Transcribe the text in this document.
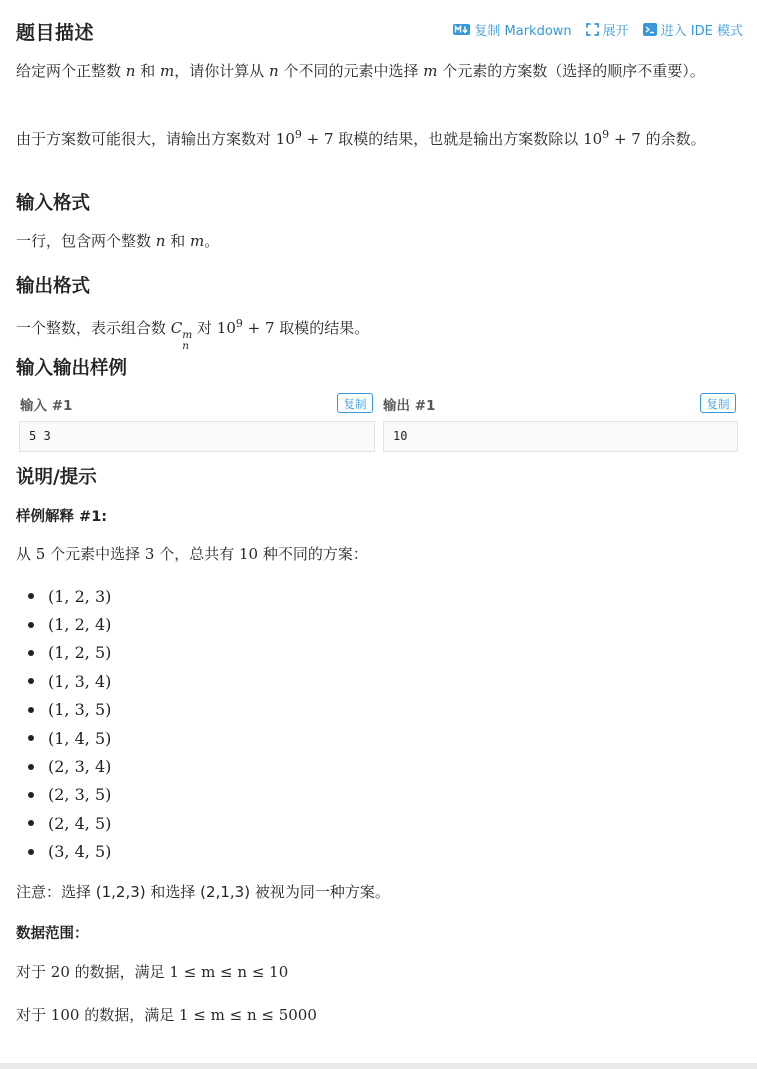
题目描述	复制 Markdown 展开 进入 IDE 模式
给定两个正整数 n 和 m，请你计算从 n 个不同的元素中选择 m 个元素的方案数（选择的顺序不重要）。
由于方案数可能很大，请输出方案数对 $10^9 + 7$ 取模的结果，也就是输出方案数除以 $10^9 + 7$ 的余数。
输入格式
一行，包含两个整数 n 和 m。
输出格式
一个整数，表示组合数 C m
n
对 $10^9 + 7$ 取模的结果。
输入输出样例
输入 #1	复制
5 3
输出 #1	复制
10
说明/提示
样例解释 #1:
从 5 个元素中选择 3 个，总共有 10 种不同的方案：
(1, 2, 3)
(1, 2, 4)
(1, 2, 5)
(1, 3, 4)
(1, 3, 5)
(1, 4, 5)
(2, 3, 4)
(2, 3, 5)
(2, 4, 5)
(3, 4, 5)
注意：选择 (1,2,3) 和选择 (2,1,3) 被视为同一种方案。
数据范围：
对于 20 的数据，满足 1 ≤ m ≤ n ≤ 10
对于 100 的数据，满足 1 ≤ m ≤ n ≤ 5000
